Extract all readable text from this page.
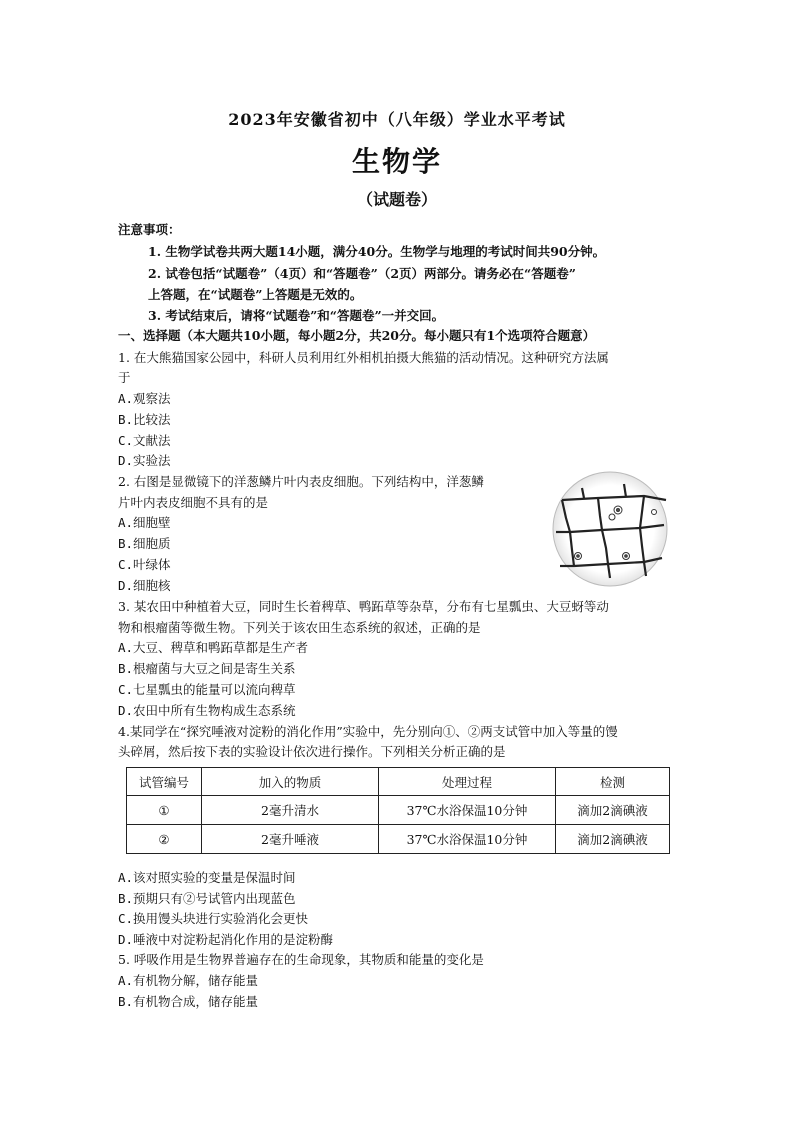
2023年安徽省初中（八年级）学业水平考试
生物学
（试题卷）
注意事项：
1. 生物学试卷共两大题14小题，满分40分。生物学与地理的考试时间共90分钟。
2. 试卷包括“试题卷”（4页）和“答题卷”（2页）两部分。请务必在“答题卷”
上答题，在“试题卷”上答题是无效的。
3. 考试结束后，请将“试题卷”和“答题卷”一并交回。
一、选择题（本大题共10小题，每小题2分，共20分。每小题只有1个选项符合题意）
1. 在大熊猫国家公园中，科研人员利用红外相机拍摄大熊猫的活动情况。这种研究方法属
于
A.观察法
B.比较法
C.文献法
D.实验法
2. 右图是显微镜下的洋葱鳞片叶内表皮细胞。下列结构中，洋葱鳞
片叶内表皮细胞不具有的是
A.细胞壁
B.细胞质
C.叶绿体
D.细胞核
3. 某农田中种植着大豆，同时生长着稗草、鸭跖草等杂草，分布有七星瓢虫、大豆蚜等动
物和根瘤菌等微生物。下列关于该农田生态系统的叙述，正确的是
A.大豆、稗草和鸭跖草都是生产者
B.根瘤菌与大豆之间是寄生关系
C.七星瓢虫的能量可以流向稗草
D.农田中所有生物构成生态系统
4.某同学在“探究唾液对淀粉的消化作用”实验中，先分别向①、②两支试管中加入等量的馒
头碎屑，然后按下表的实验设计依次进行操作。下列相关分析正确的是
试管编号	加入的物质	处理过程	检测
①	2毫升清水	37℃水浴保温10分钟	滴加2滴碘液
②	2毫升唾液	37℃水浴保温10分钟	滴加2滴碘液
A.该对照实验的变量是保温时间
B.预期只有②号试管内出现蓝色
C.换用馒头块进行实验消化会更快
D.唾液中对淀粉起消化作用的是淀粉酶
5. 呼吸作用是生物界普遍存在的生命现象，其物质和能量的变化是
A.有机物分解，储存能量
B.有机物合成，储存能量
